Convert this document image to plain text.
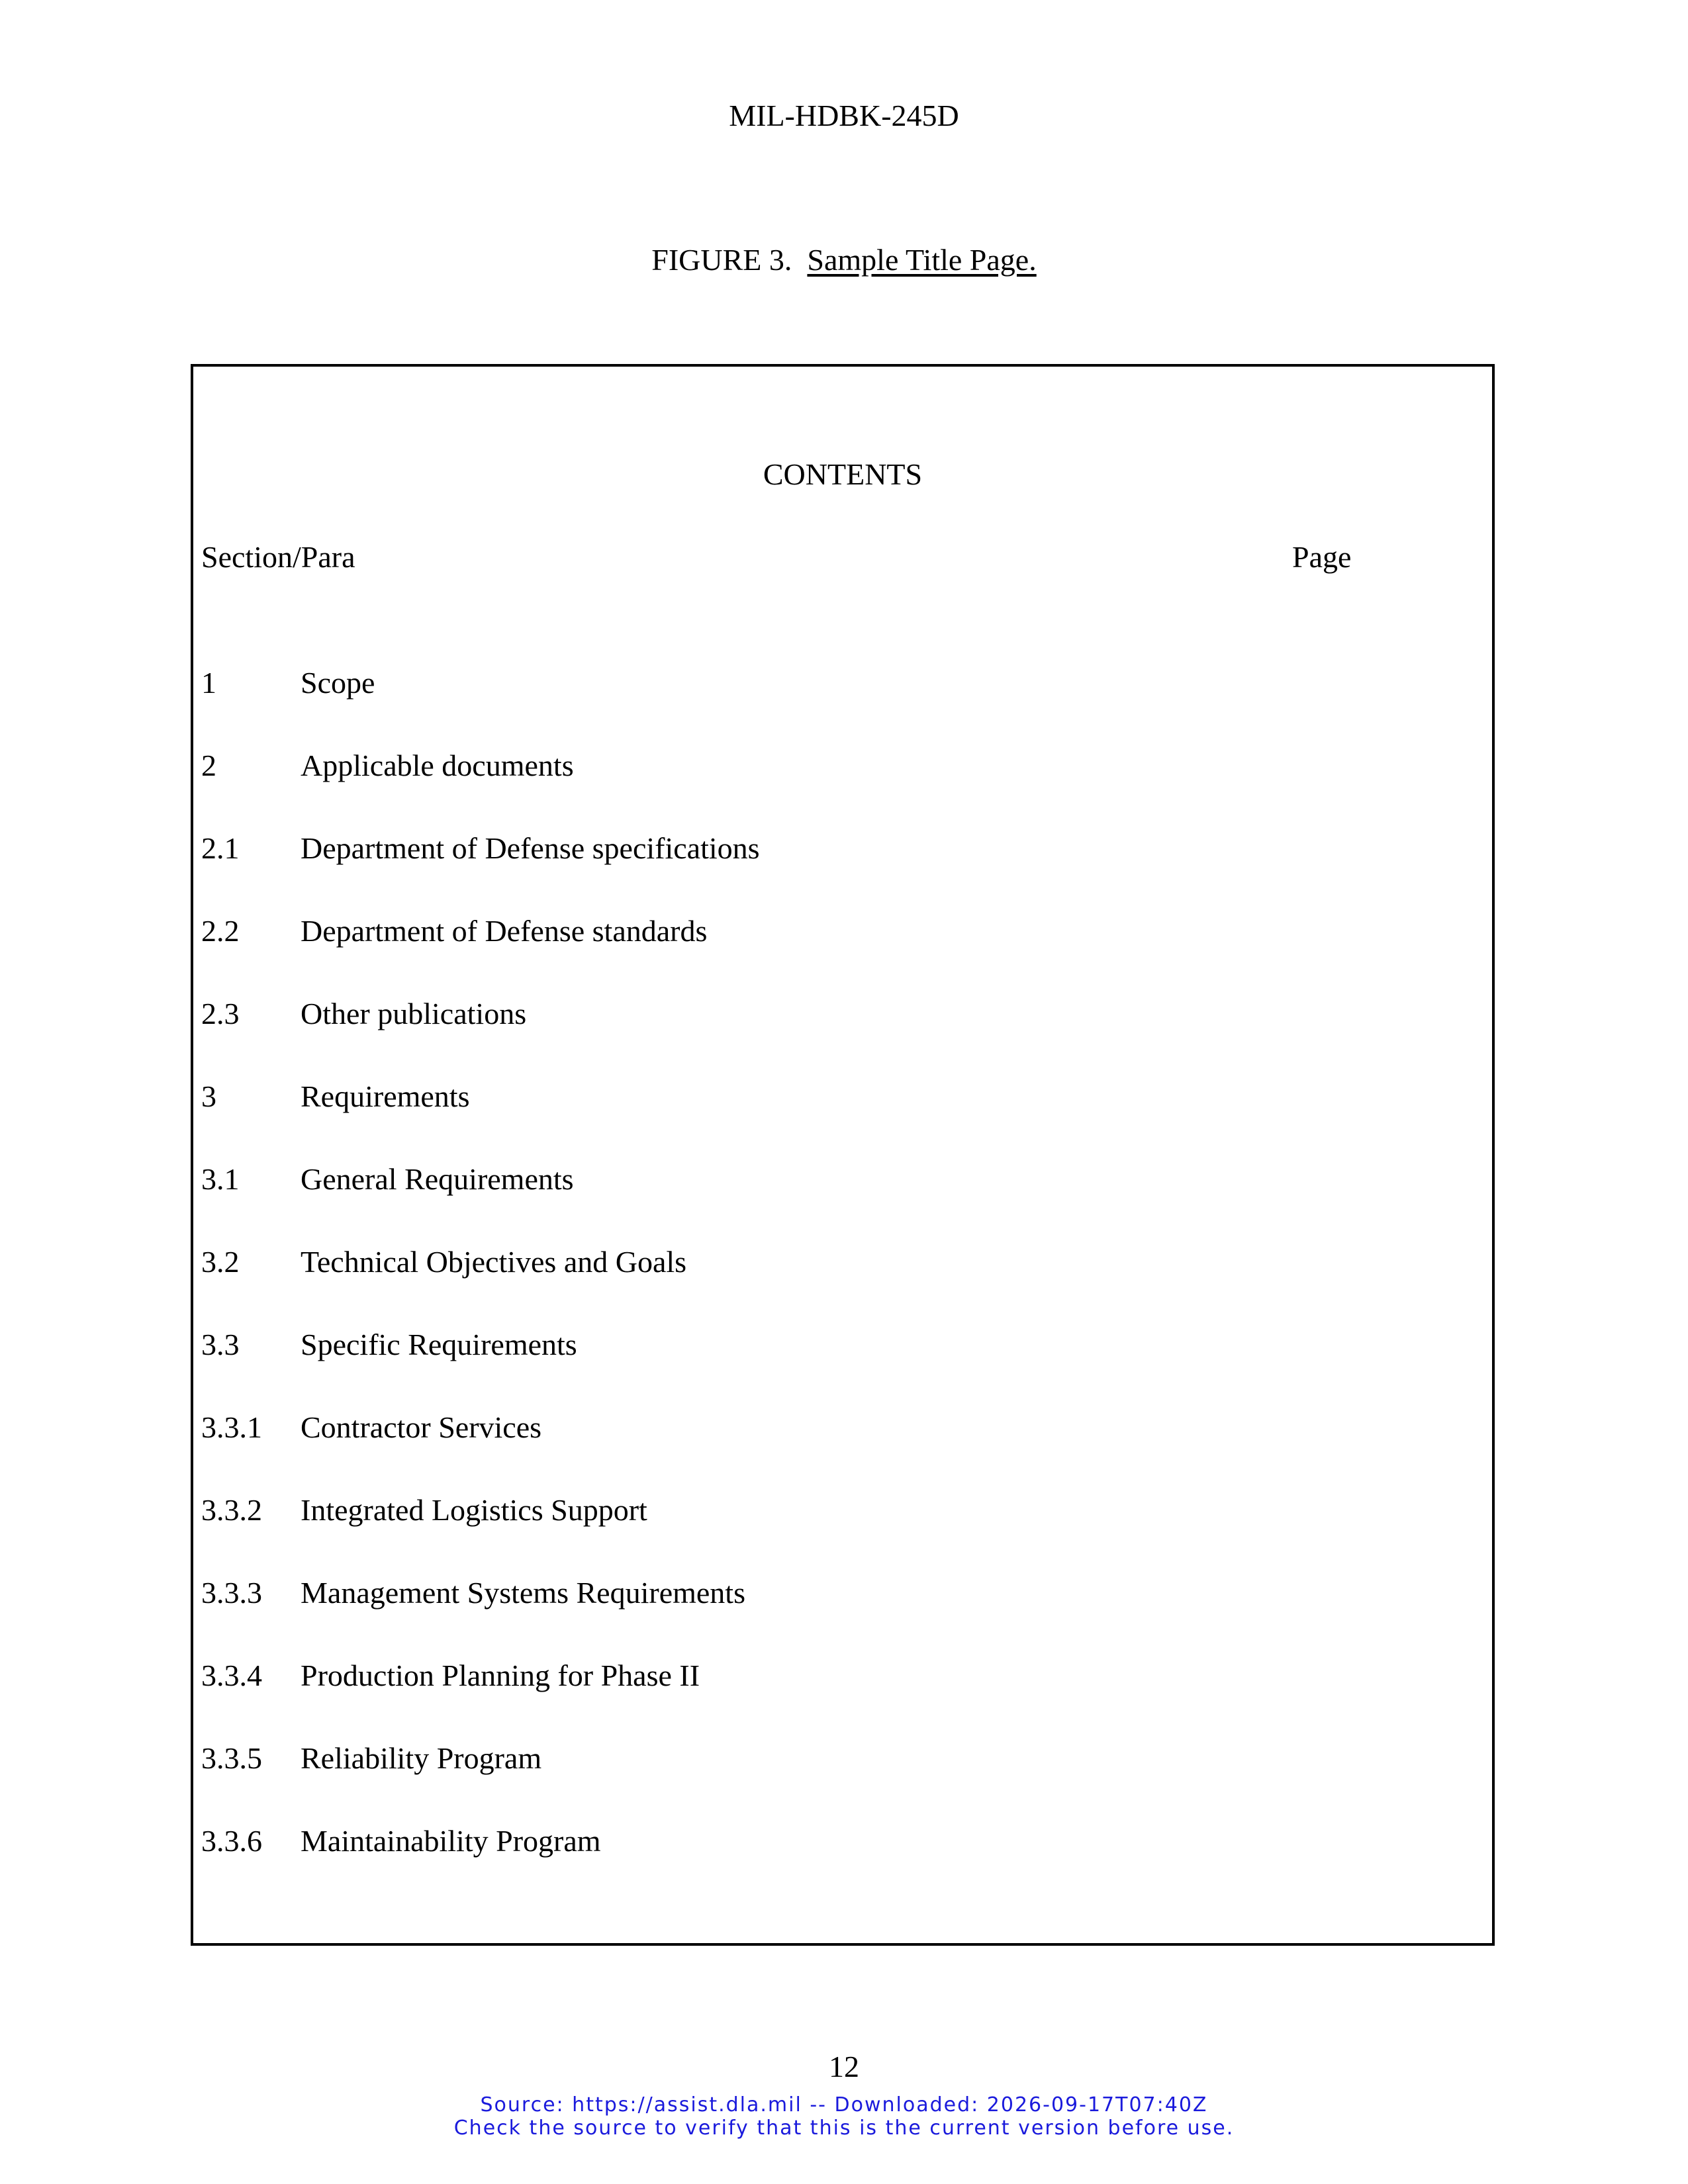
MIL-HDBK-245D
FIGURE 3. Sample Title Page.
CONTENTS
Section/Para	Page
1	Scope
2	Applicable documents
2.1	Department of Defense specifications
2.2	Department of Defense standards
2.3	Other publications
3	Requirements
3.1	General Requirements
3.2	Technical Objectives and Goals
3.3	Specific Requirements
3.3.1	Contractor Services
3.3.2	Integrated Logistics Support
3.3.3	Management Systems Requirements
3.3.4	Production Planning for Phase II
3.3.5	Reliability Program
3.3.6	Maintainability Program
12
Source: https://assist.dla.mil -- Downloaded: 2026-09-17T07:40Z
Check the source to verify that this is the current version before use.
